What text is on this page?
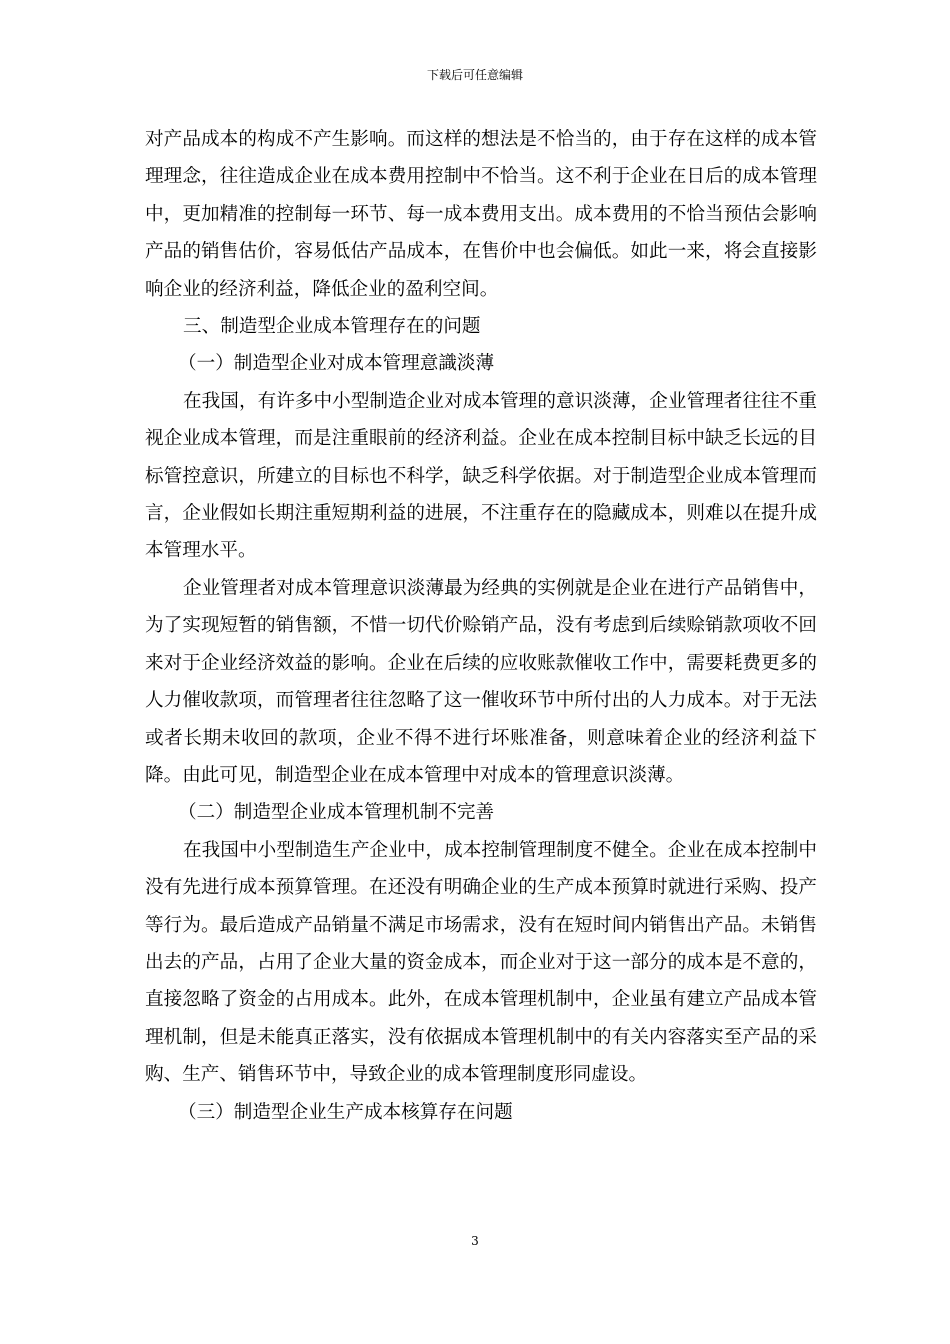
下载后可任意编辑

对产品成本的构成不产生影响。而这样的想法是不恰当的，由于存在这样的成本管理理念，往往造成企业在成本费用控制中不恰当。这不利于企业在日后的成本管理中，更加精准的控制每一环节、每一成本费用支出。成本费用的不恰当预估会影响产品的销售估价，容易低估产品成本，在售价中也会偏低。如此一来，将会直接影响企业的经济利益，降低企业的盈利空间。

三、制造型企业成本管理存在的问题

（一）制造型企业对成本管理意識淡薄

在我国，有许多中小型制造企业对成本管理的意识淡薄，企业管理者往往不重视企业成本管理，而是注重眼前的经济利益。企业在成本控制目标中缺乏长远的目标管控意识，所建立的目标也不科学，缺乏科学依据。对于制造型企业成本管理而言，企业假如长期注重短期利益的进展，不注重存在的隐藏成本，则难以在提升成本管理水平。

企业管理者对成本管理意识淡薄最为经典的实例就是企业在进行产品销售中，为了实现短暂的销售额，不惜一切代价赊销产品，没有考虑到后续赊销款项收不回来对于企业经济效益的影响。企业在后续的应收账款催收工作中，需要耗费更多的人力催收款项，而管理者往往忽略了这一催收环节中所付出的人力成本。对于无法或者长期未收回的款项，企业不得不进行坏账准备，则意味着企业的经济利益下降。由此可见，制造型企业在成本管理中对成本的管理意识淡薄。

（二）制造型企业成本管理机制不完善

在我国中小型制造生产企业中，成本控制管理制度不健全。企业在成本控制中没有先进行成本预算管理。在还没有明确企业的生产成本预算时就进行采购、投产等行为。最后造成产品销量不满足市场需求，没有在短时间内销售出产品。未销售出去的产品，占用了企业大量的资金成本，而企业对于这一部分的成本是不意的，直接忽略了资金的占用成本。此外，在成本管理机制中，企业虽有建立产品成本管理机制，但是未能真正落实，没有依据成本管理机制中的有关内容落实至产品的采购、生产、销售环节中，导致企业的成本管理制度形同虚设。

（三）制造型企业生产成本核算存在问题

3
